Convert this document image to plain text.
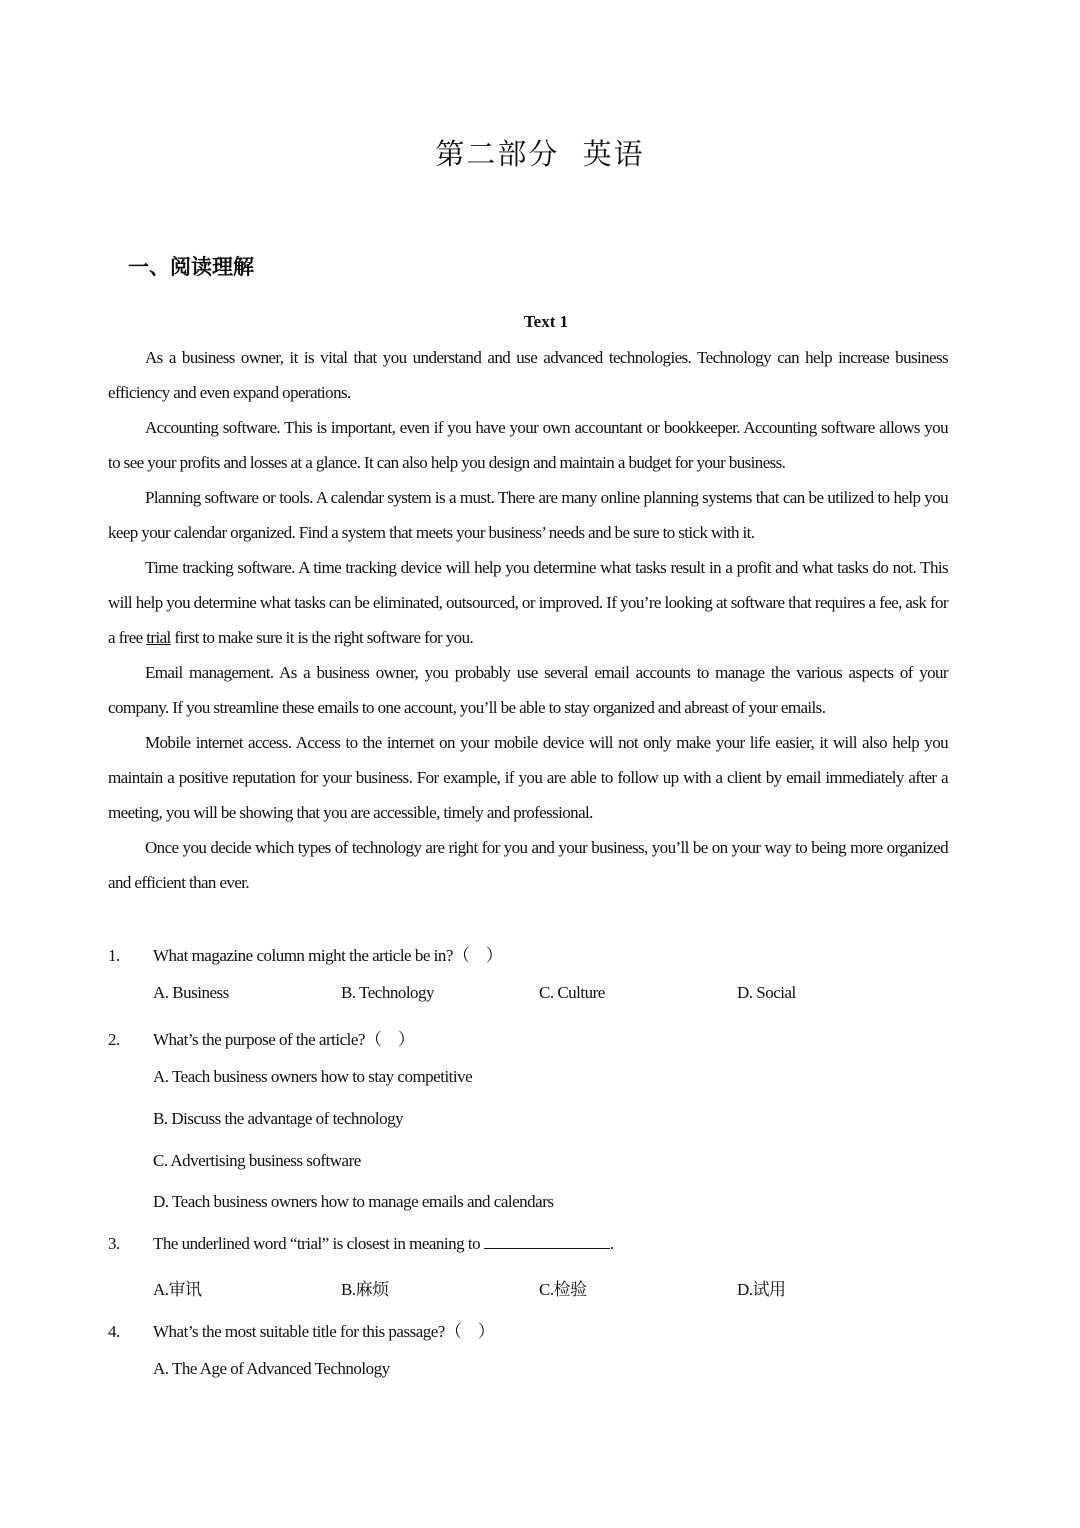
第二部分 英语
一、阅读理解
Text 1

As a business owner, it is vital that you understand and use advanced technologies. Technology can help increase business efficiency and even expand operations.

Accounting software. This is important, even if you have your own accountant or bookkeeper. Accounting software allows you to see your profits and losses at a glance. It can also help you design and maintain a budget for your business.

Planning software or tools. A calendar system is a must. There are many online planning systems that can be utilized to help you keep your calendar organized. Find a system that meets your business’ needs and be sure to stick with it.

Time tracking software. A time tracking device will help you determine what tasks result in a profit and what tasks do not. This will help you determine what tasks can be eliminated, outsourced, or improved. If you’re looking at software that requires a fee, ask for a free trial first to make sure it is the right software for you.

Email management. As a business owner, you probably use several email accounts to manage the various aspects of your company. If you streamline these emails to one account, you’ll be able to stay organized and abreast of your emails.

Mobile internet access. Access to the internet on your mobile device will not only make your life easier, it will also help you maintain a positive reputation for your business. For example, if you are able to follow up with a client by email immediately after a meeting, you will be showing that you are accessible, timely and professional.

Once you decide which types of technology are right for you and your business, you’ll be on your way to being more organized and efficient than ever.

1. What magazine column might the article be in?（　）
A. Business	B. Technology	C. Culture	D. Social
2. What’s the purpose of the article?（　）
A. Teach business owners how to stay competitive
B. Discuss the advantage of technology
C. Advertising business software
D. Teach business owners how to manage emails and calendars
3. The underlined word “trial” is closest in meaning to	.
A.审讯	B.麻烦	C.检验	D.试用
4. What’s the most suitable title for this passage?（　）
A. The Age of Advanced Technology
